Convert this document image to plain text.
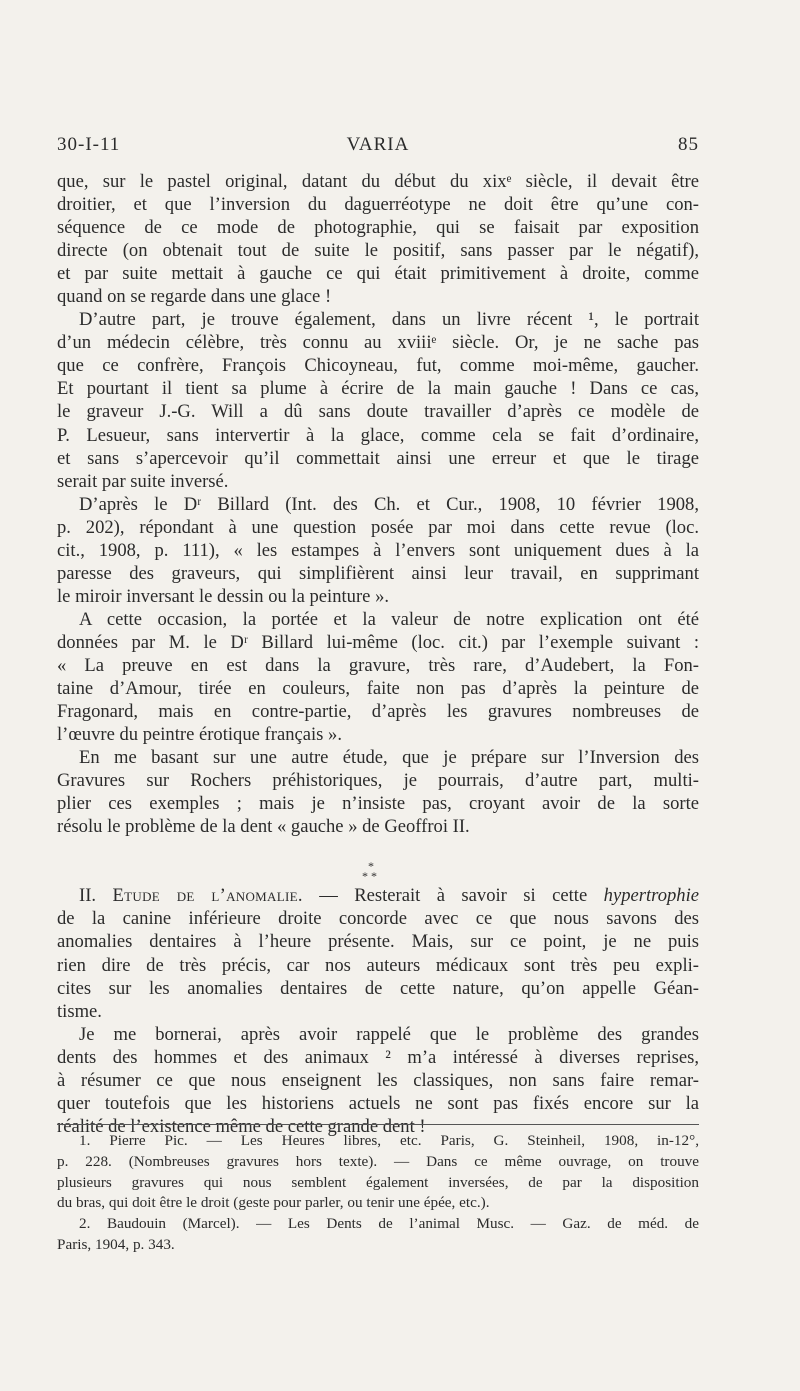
30-I-11	VARIA	85
que, sur le pastel original, datant du début du xixᵉ siècle, il devait être
droitier, et que l’inversion du daguerréotype ne doit être qu’une con-
séquence de ce mode de photographie, qui se faisait par exposition
directe (on obtenait tout de suite le positif, sans passer par le négatif),
et par suite mettait à gauche ce qui était primitivement à droite, comme
quand on se regarde dans une glace !
D’autre part, je trouve également, dans un livre récent ¹, le portrait
d’un médecin célèbre, très connu au xviiiᵉ siècle. Or, je ne sache pas
que ce confrère, François Chicoyneau, fut, comme moi-même, gaucher.
Et pourtant il tient sa plume à écrire de la main gauche ! Dans ce cas,
le graveur J.-G. Will a dû sans doute travailler d’après ce modèle de
P. Lesueur, sans intervertir à la glace, comme cela se fait d’ordinaire,
et sans s’apercevoir qu’il commettait ainsi une erreur et que le tirage
serait par suite inversé.
D’après le Dʳ Billard (Int. des Ch. et Cur., 1908, 10 février 1908,
p. 202), répondant à une question posée par moi dans cette revue (loc.
cit., 1908, p. 111), « les estampes à l’envers sont uniquement dues à la
paresse des graveurs, qui simplifièrent ainsi leur travail, en supprimant
le miroir inversant le dessin ou la peinture ».
A cette occasion, la portée et la valeur de notre explication ont été
données par M. le Dʳ Billard lui-même (loc. cit.) par l’exemple suivant :
« La preuve en est dans la gravure, très rare, d’Audebert, la Fon-
taine d’Amour, tirée en couleurs, faite non pas d’après la peinture de
Fragonard, mais en contre-partie, d’après les gravures nombreuses de
l’œuvre du peintre érotique français ».
En me basant sur une autre étude, que je prépare sur l’Inversion des
Gravures sur Rochers préhistoriques, je pourrais, d’autre part, multi-
plier ces exemples ; mais je n’insiste pas, croyant avoir de la sorte
résolu le problème de la dent « gauche » de Geoffroi II.
*
* *
II. Etude de l’anomalie. — Resterait à savoir si cette hypertrophie
de la canine inférieure droite concorde avec ce que nous savons des
anomalies dentaires à l’heure présente. Mais, sur ce point, je ne puis
rien dire de très précis, car nos auteurs médicaux sont très peu expli-
cites sur les anomalies dentaires de cette nature, qu’on appelle Géan-
tisme.
Je me bornerai, après avoir rappelé que le problème des grandes
dents des hommes et des animaux ² m’a intéressé à diverses reprises,
à résumer ce que nous enseignent les classiques, non sans faire remar-
quer toutefois que les historiens actuels ne sont pas fixés encore sur la
réalité de l’existence même de cette grande dent !
1. Pierre Pic. — Les Heures libres, etc. Paris, G. Steinheil, 1908, in-12°,
p. 228. (Nombreuses gravures hors texte). — Dans ce même ouvrage, on trouve
plusieurs gravures qui nous semblent également inversées, de par la disposition
du bras, qui doit être le droit (geste pour parler, ou tenir une épée, etc.).
2. Baudouin (Marcel). — Les Dents de l’animal Musc. — Gaz. de méd. de
Paris, 1904, p. 343.
